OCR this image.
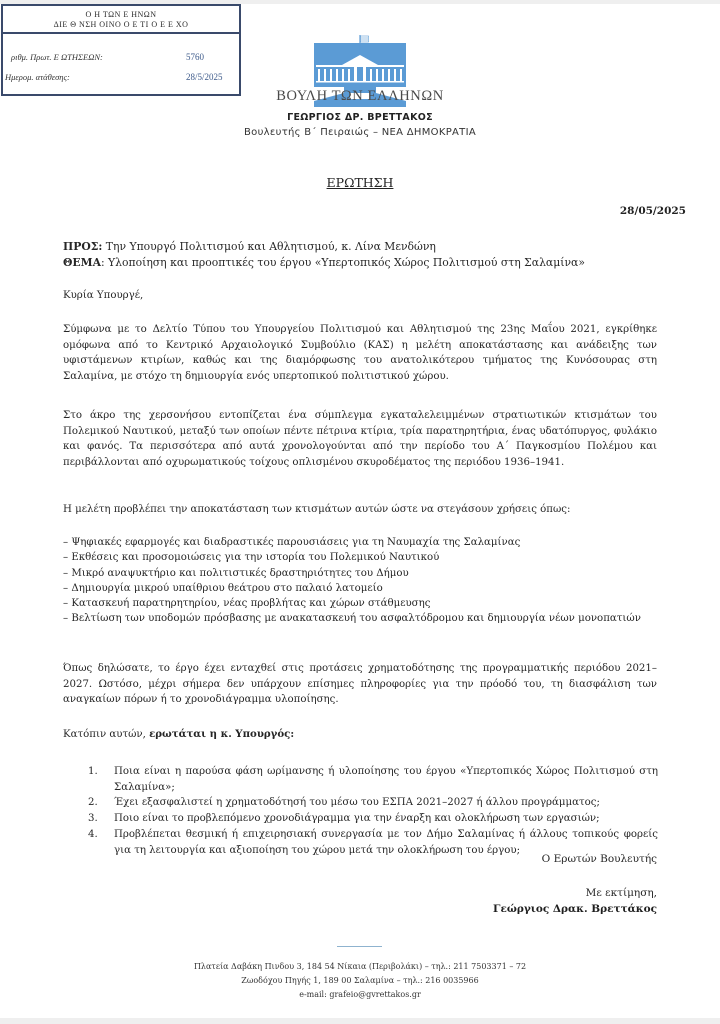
Ο Η ΤΩΝ Ε ΗΝΩΝ
ΔΙΕ Θ ΝΣΗ ΟΙΝΟ Ο Ε ΤΙ Ο Ε Ε ΧΟ
ριθμ. Πρωτ. Ε ΩΤΗΣΕΩΝ:	5760
Ημερομ. ατάθεσης:	28/5/2025
ΒΟΥΛΗ ΤΩΝ ΕΛΛΗΝΩΝ
ΓΕΩΡΓΙΟΣ ΔΡ. ΒΡΕΤΤΑΚΟΣ
Βουλευτής Β΄ Πειραιώς – ΝΕΑ ΔΗΜΟΚΡΑΤΙΑ
ΕΡΩΤΗΣΗ
28/05/2025
ΠΡΟΣ: Την Υπουργό Πολιτισμού και Αθλητισμού, κ. Λίνα Μενδώνη
ΘΕΜΑ: Υλοποίηση και προοπτικές του έργου «Υπερτοπικός Χώρος Πολιτισμού στη Σαλαμίνα»
Κυρία Υπουργέ,
Σύμφωνα με το Δελτίο Τύπου του Υπουργείου Πολιτισμού και Αθλητισμού της 23ης Μαΐου 2021, εγκρίθηκε ομόφωνα από το Κεντρικό Αρχαιολογικό Συμβούλιο (ΚΑΣ) η μελέτη αποκατάστασης και ανάδειξης των υφιστάμενων κτιρίων, καθώς και της διαμόρφωσης του ανατολικότερου τμήματος της Κυνόσουρας στη Σαλαμίνα, με στόχο τη δημιουργία ενός υπερτοπικού πολιτιστικού χώρου.
Στο άκρο της χερσονήσου εντοπίζεται ένα σύμπλεγμα εγκαταλελειμμένων στρατιωτικών κτισμάτων του Πολεμικού Ναυτικού, μεταξύ των οποίων πέντε πέτρινα κτίρια, τρία παρατηρητήρια, ένας υδατόπυργος, φυλάκιο και φανός. Τα περισσότερα από αυτά χρονολογούνται από την περίοδο του Α΄ Παγκοσμίου Πολέμου και περιβάλλονται από οχυρωματικούς τοίχους οπλισμένου σκυροδέματος της περιόδου 1936–1941.
Η μελέτη προβλέπει την αποκατάσταση των κτισμάτων αυτών ώστε να στεγάσουν χρήσεις όπως:
– Ψηφιακές εφαρμογές και διαδραστικές παρουσιάσεις για τη Ναυμαχία της Σαλαμίνας
– Εκθέσεις και προσομοιώσεις για την ιστορία του Πολεμικού Ναυτικού
– Μικρό αναψυκτήριο και πολιτιστικές δραστηριότητες του Δήμου
– Δημιουργία μικρού υπαίθριου θεάτρου στο παλαιό λατομείο
– Κατασκευή παρατηρητηρίου, νέας προβλήτας και χώρων στάθμευσης
– Βελτίωση των υποδομών πρόσβασης με ανακατασκευή του ασφαλτόδρομου και δημιουργία νέων μονοπατιών
Όπως δηλώσατε, το έργο έχει ενταχθεί στις προτάσεις χρηματοδότησης της προγραμματικής περιόδου 2021–2027. Ωστόσο, μέχρι σήμερα δεν υπάρχουν επίσημες πληροφορίες για την πρόοδό του, τη διασφάλιση των αναγκαίων πόρων ή το χρονοδιάγραμμα υλοποίησης.
Κατόπιν αυτών, ερωτάται η κ. Υπουργός:
1. Ποια είναι η παρούσα φάση ωρίμανσης ή υλοποίησης του έργου «Υπερτοπικός Χώρος Πολιτισμού στη Σαλαμίνα»;
2. Έχει εξασφαλιστεί η χρηματοδότησή του μέσω του ΕΣΠΑ 2021–2027 ή άλλου προγράμματος;
3. Ποιο είναι το προβλεπόμενο χρονοδιάγραμμα για την έναρξη και ολοκλήρωση των εργασιών;
4. Προβλέπεται θεσμική ή επιχειρησιακή συνεργασία με τον Δήμο Σαλαμίνας ή άλλους τοπικούς φορείς για τη λειτουργία και αξιοποίηση του χώρου μετά την ολοκλήρωση του έργου;
Ο Ερωτών Βουλευτής
Με εκτίμηση,
Γεώργιος Δρακ. Βρεττάκος
Πλατεία Δαβάκη Πινδου 3, 184 54 Νίκαια (Περιβολάκι) – τηλ.: 211 7503371 – 72
Ζωοδόχου Πηγής 1, 189 00 Σαλαμίνα – τηλ.: 216 0035966
e-mail: grafeio@gvrettakos.gr
